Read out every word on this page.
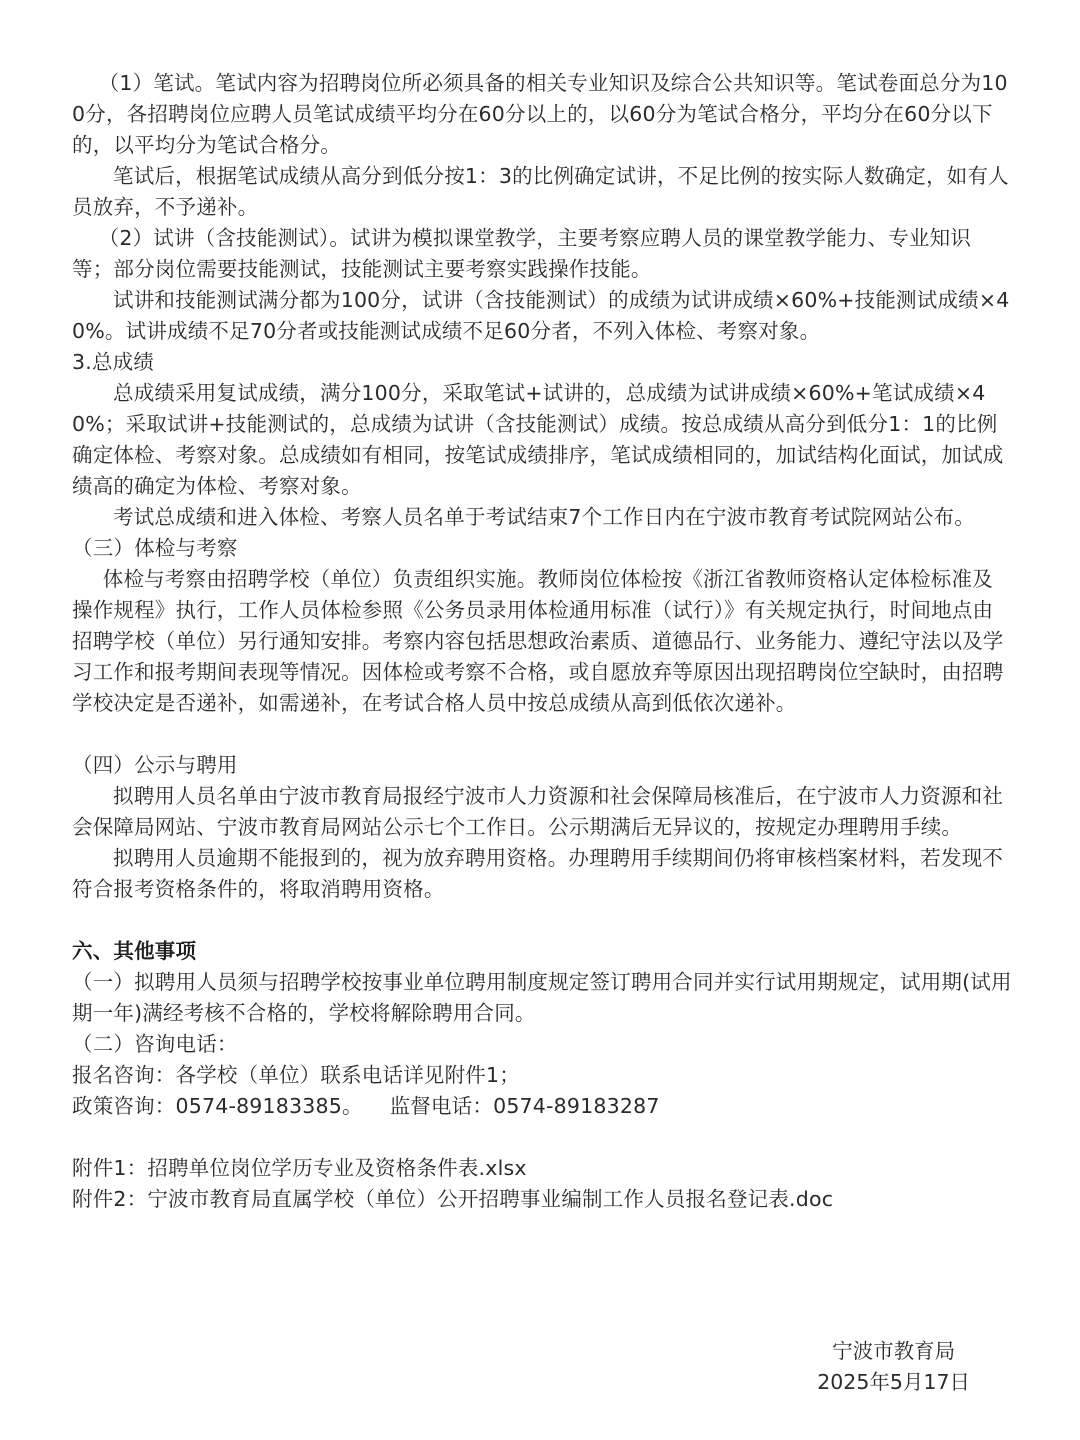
（1）笔试。笔试内容为招聘岗位所必须具备的相关专业知识及综合公共知识等。笔试卷面总分为100分，各招聘岗位应聘人员笔试成绩平均分在60分以上的，以60分为笔试合格分，平均分在60分以下的，以平均分为笔试合格分。

笔试后，根据笔试成绩从高分到低分按1：3的比例确定试讲，不足比例的按实际人数确定，如有人员放弃，不予递补。

（2）试讲（含技能测试）。试讲为模拟课堂教学，主要考察应聘人员的课堂教学能力、专业知识等；部分岗位需要技能测试，技能测试主要考察实践操作技能。

试讲和技能测试满分都为100分，试讲（含技能测试）的成绩为试讲成绩×60%+技能测试成绩×40%。试讲成绩不足70分者或技能测试成绩不足60分者，不列入体检、考察对象。

3.总成绩

总成绩采用复试成绩，满分100分，采取笔试+试讲的，总成绩为试讲成绩×60%+笔试成绩×40%；采取试讲+技能测试的，总成绩为试讲（含技能测试）成绩。按总成绩从高分到低分1：1的比例确定体检、考察对象。总成绩如有相同，按笔试成绩排序，笔试成绩相同的，加试结构化面试，加试成绩高的确定为体检、考察对象。

考试总成绩和进入体检、考察人员名单于考试结束7个工作日内在宁波市教育考试院网站公布。

（三）体检与考察

体检与考察由招聘学校（单位）负责组织实施。教师岗位体检按《浙江省教师资格认定体检标准及操作规程》执行，工作人员体检参照《公务员录用体检通用标准（试行）》有关规定执行，时间地点由招聘学校（单位）另行通知安排。考察内容包括思想政治素质、道德品行、业务能力、遵纪守法以及学习工作和报考期间表现等情况。因体检或考察不合格，或自愿放弃等原因出现招聘岗位空缺时，由招聘学校决定是否递补，如需递补，在考试合格人员中按总成绩从高到低依次递补。

（四）公示与聘用

拟聘用人员名单由宁波市教育局报经宁波市人力资源和社会保障局核准后，在宁波市人力资源和社会保障局网站、宁波市教育局网站公示七个工作日。公示期满后无异议的，按规定办理聘用手续。

拟聘用人员逾期不能报到的，视为放弃聘用资格。办理聘用手续期间仍将审核档案材料，若发现不符合报考资格条件的，将取消聘用资格。

六、其他事项

（一）拟聘用人员须与招聘学校按事业单位聘用制度规定签订聘用合同并实行试用期规定，试用期(试用期一年)满经考核不合格的，学校将解除聘用合同。

（二）咨询电话：

报名咨询：各学校（单位）联系电话详见附件1；

政策咨询：0574-89183385。    监督电话：0574-89183287

附件1：招聘单位岗位学历专业及资格条件表.xlsx

附件2：宁波市教育局直属学校（单位）公开招聘事业编制工作人员报名登记表.doc

宁波市教育局
2025年5月17日
